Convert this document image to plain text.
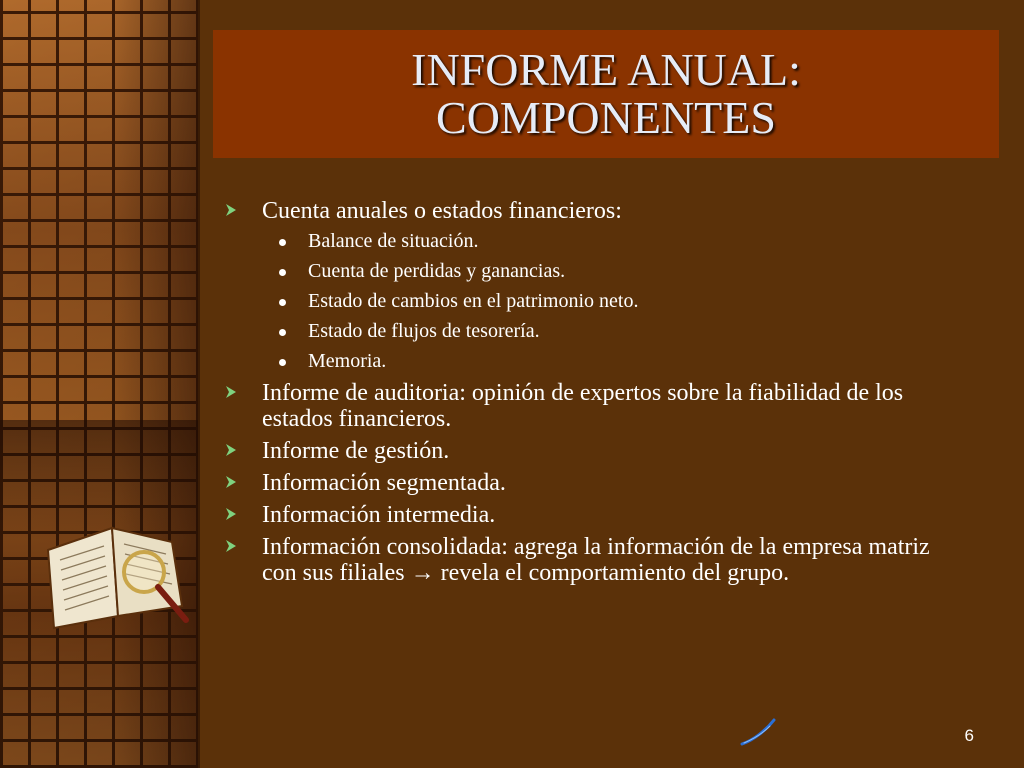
INFORME ANUAL:
COMPONENTES
Cuenta anuales o estados financieros:
Balance de situación.
Cuenta de perdidas y ganancias.
Estado de cambios en el patrimonio neto.
Estado de flujos de tesorería.
Memoria.
Informe de auditoria: opinión de expertos sobre la fiabilidad de los estados financieros.
Informe de gestión.
Información segmentada.
Información intermedia.
Información consolidada: agrega la información de la empresa matriz con sus filiales → revela el comportamiento del grupo.
6
